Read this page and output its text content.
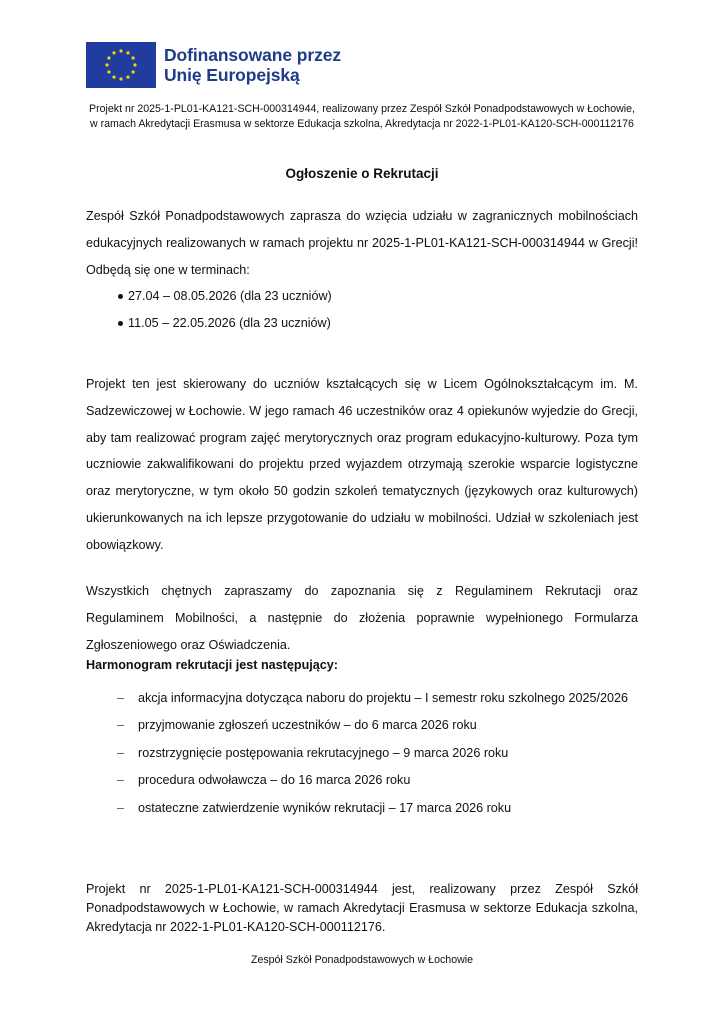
Dofinansowane przez
Unię Europejską
Projekt nr 2025-1-PL01-KA121-SCH-000314944, realizowany przez Zespół Szkół Ponadpodstawowych w Łochowie, w ramach Akredytacji Erasmusa w sektorze Edukacja szkolna, Akredytacja nr 2022-1-PL01-KA120-SCH-000112176
Ogłoszenie o Rekrutacji
Zespół Szkół Ponadpodstawowych zaprasza do wzięcia udziału w zagranicznych mobilnościach edukacyjnych realizowanych w ramach projektu nr 2025-1-PL01-KA121-SCH-000314944 w Grecji! Odbędą się one w terminach:
27.04 – 08.05.2026 (dla 23 uczniów)
11.05 – 22.05.2026 (dla 23 uczniów)
Projekt ten jest skierowany do uczniów kształcących się w Licem Ogólnokształcącym im. M. Sadzewiczowej w Łochowie. W jego ramach 46 uczestników oraz 4 opiekunów wyjedzie do Grecji, aby tam realizować program zajęć merytorycznych oraz program edukacyjno-kulturowy. Poza tym uczniowie zakwalifikowani do projektu przed wyjazdem otrzymają szerokie wsparcie logistyczne oraz merytoryczne, w tym około 50 godzin szkoleń tematycznych (językowych oraz kulturowych) ukierunkowanych na ich lepsze przygotowanie do udziału w mobilności. Udział w szkoleniach jest obowiązkowy.
Wszystkich chętnych zapraszamy do zapoznania się z Regulaminem Rekrutacji oraz Regulaminem Mobilności, a następnie do złożenia poprawnie wypełnionego Formularza Zgłoszeniowego oraz Oświadczenia.
Harmonogram rekrutacji jest następujący:
– akcja informacyjna dotycząca naboru do projektu – I semestr roku szkolnego 2025/2026
– przyjmowanie zgłoszeń uczestników – do 6 marca 2026 roku
– rozstrzygnięcie postępowania rekrutacyjnego – 9 marca 2026 roku
– procedura odwoławcza – do 16 marca 2026 roku
– ostateczne zatwierdzenie wyników rekrutacji – 17 marca 2026 roku
Projekt nr 2025-1-PL01-KA121-SCH-000314944 jest, realizowany przez Zespół Szkół Ponadpodstawowych w Łochowie, w ramach Akredytacji Erasmusa w sektorze Edukacja szkolna, Akredytacja nr 2022-1-PL01-KA120-SCH-000112176.
Zespół Szkół Ponadpodstawowych w Łochowie
